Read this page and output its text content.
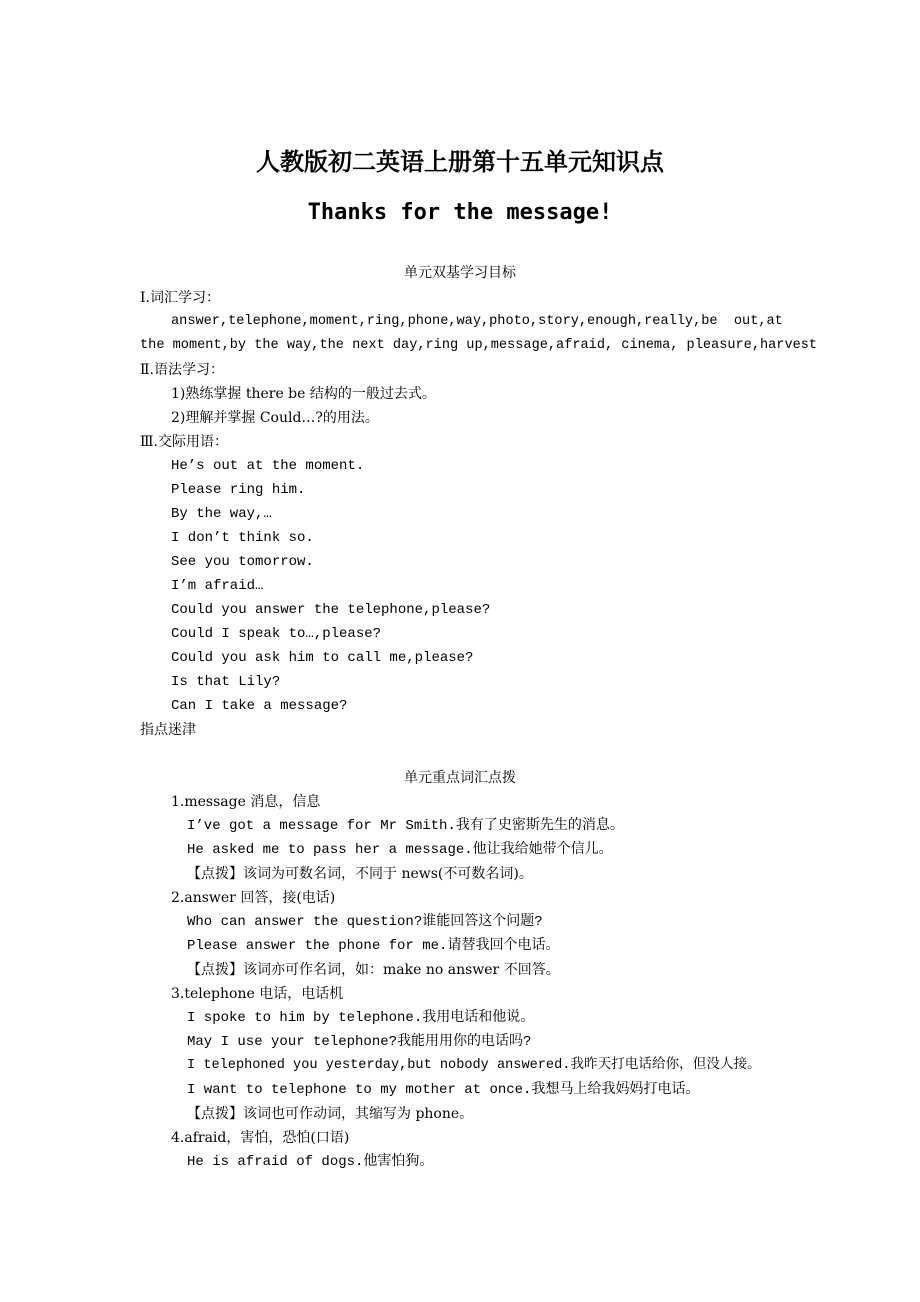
人教版初二英语上册第十五单元知识点
Thanks for the message!
单元双基学习目标
Ⅰ.词汇学习：
answer,telephone,moment,ring,phone,way,photo,story,enough,really,be  out,at
the moment,by the way,the next day,ring up,message,afraid, cinema, pleasure,harvest
Ⅱ.语法学习：
1)熟练掌握 there be 结构的一般过去式。
2)理解并掌握 Could…?的用法。
Ⅲ.交际用语：
He’s out at the moment.
Please ring him.
By the way,…
I don’t think so.
See you tomorrow.
I’m afraid…
Could you answer the telephone,please?
Could I speak to…,please?
Could you ask him to call me,please?
Is that Lily?
Can I take a message?
指点迷津
单元重点词汇点拨
1.message 消息，信息
I’ve got a message for Mr Smith.我有了史密斯先生的消息。
He asked me to pass her a message.他让我给她带个信儿。
【点拨】该词为可数名词，不同于 news(不可数名词)。
2.answer 回答，接(电话)
Who can answer the question?谁能回答这个问题?
Please answer the phone for me.请替我回个电话。
【点拨】该词亦可作名词，如：make no answer 不回答。
3.telephone 电话，电话机
I spoke to him by telephone.我用电话和他说。
May I use your telephone?我能用用你的电话吗?
I telephoned you yesterday,but nobody answered.我昨天打电话给你，但没人接。
I want to telephone to my mother at once.我想马上给我妈妈打电话。
【点拨】该词也可作动词，其缩写为 phone。
4.afraid，害怕，恐怕(口语)
He is afraid of dogs.他害怕狗。
